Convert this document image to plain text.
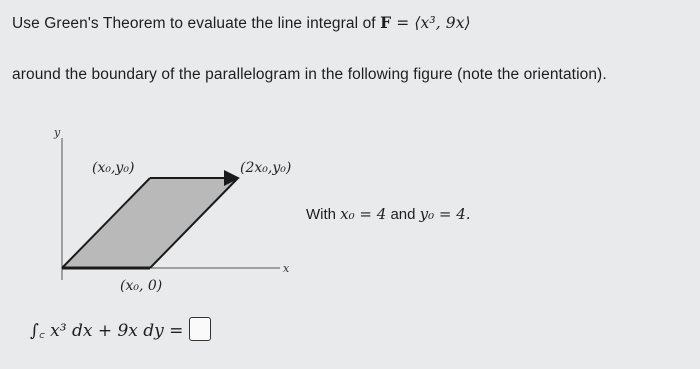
Use Green's Theorem to evaluate the line integral of F = ⟨x³, 9x⟩
around the boundary of the parallelogram in the following figure (note the orientation).
y
x
(x₀,y₀)	(2x₀,y₀)
(x₀, 0)
With x₀ = 4 and y₀ = 4.
∫꜀ x³ dx + 9x dy =
